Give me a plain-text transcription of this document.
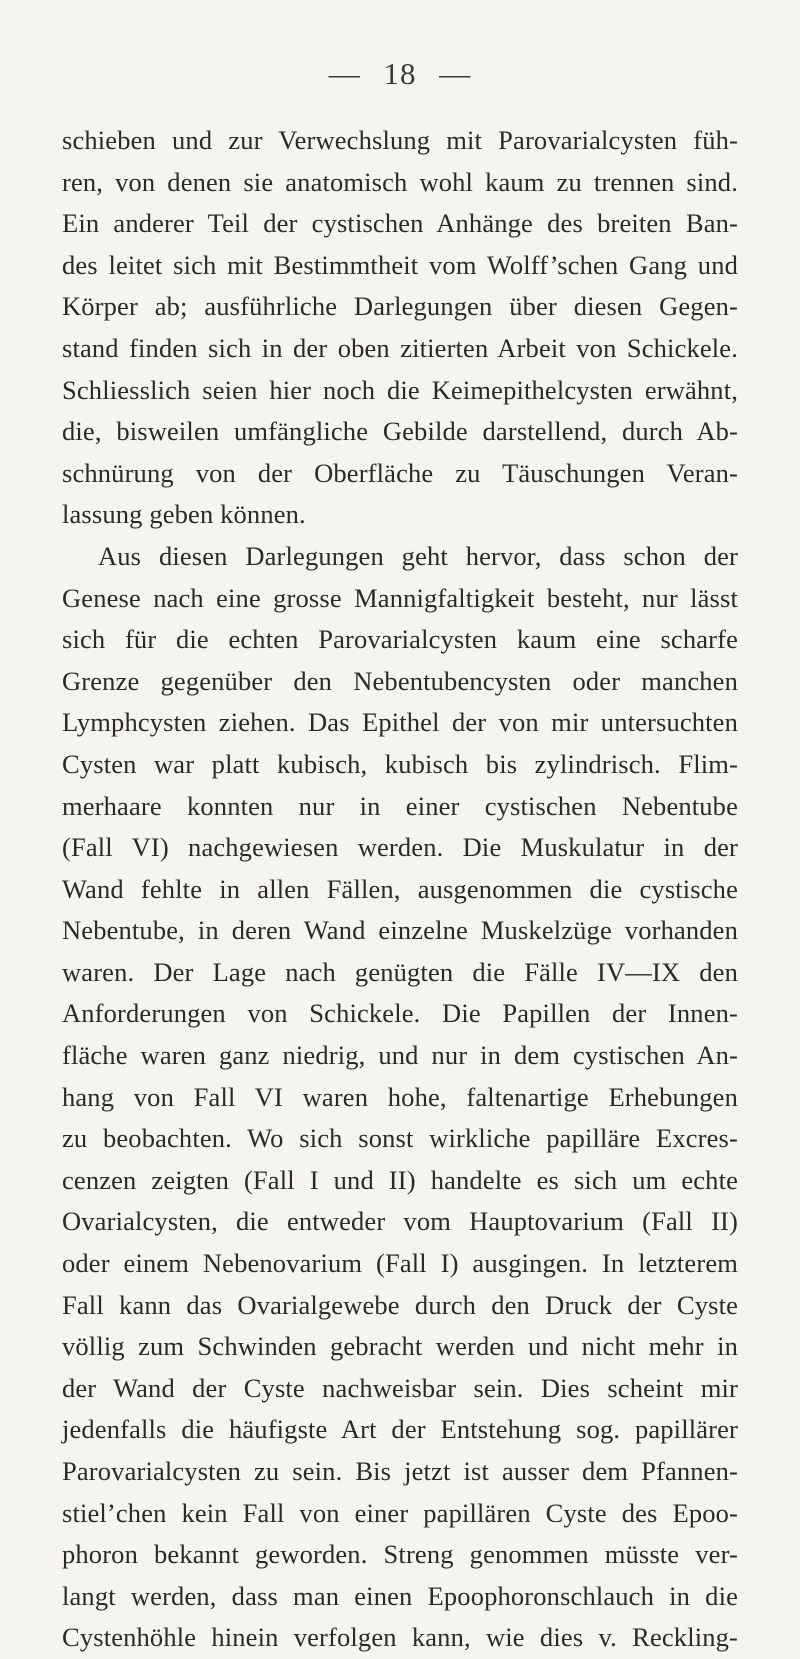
— 18 —
schieben und zur Verwechslung mit Parovarialcysten füh-
ren, von denen sie anatomisch wohl kaum zu trennen sind.
Ein anderer Teil der cystischen Anhänge des breiten Ban-
des leitet sich mit Bestimmtheit vom Wolff’schen Gang und
Körper ab; ausführliche Darlegungen über diesen Gegen-
stand finden sich in der oben zitierten Arbeit von Schickele.
Schliesslich seien hier noch die Keimepithelcysten erwähnt,
die, bisweilen umfängliche Gebilde darstellend, durch Ab-
schnürung von der Oberfläche zu Täuschungen Veran-
lassung geben können.
Aus diesen Darlegungen geht hervor, dass schon der
Genese nach eine grosse Mannigfaltigkeit besteht, nur lässt
sich für die echten Parovarialcysten kaum eine scharfe
Grenze gegenüber den Nebentubencysten oder manchen
Lymphcysten ziehen. Das Epithel der von mir untersuchten
Cysten war platt kubisch, kubisch bis zylindrisch. Flim-
merhaare konnten nur in einer cystischen Nebentube
(Fall VI) nachgewiesen werden. Die Muskulatur in der
Wand fehlte in allen Fällen, ausgenommen die cystische
Nebentube, in deren Wand einzelne Muskelzüge vorhanden
waren. Der Lage nach genügten die Fälle IV—IX den
Anforderungen von Schickele. Die Papillen der Innen-
fläche waren ganz niedrig, und nur in dem cystischen An-
hang von Fall VI waren hohe, faltenartige Erhebungen
zu beobachten. Wo sich sonst wirkliche papilläre Excres-
cenzen zeigten (Fall I und II) handelte es sich um echte
Ovarialcysten, die entweder vom Hauptovarium (Fall II)
oder einem Nebenovarium (Fall I) ausgingen. In letzterem
Fall kann das Ovarialgewebe durch den Druck der Cyste
völlig zum Schwinden gebracht werden und nicht mehr in
der Wand der Cyste nachweisbar sein. Dies scheint mir
jedenfalls die häufigste Art der Entstehung sog. papillärer
Parovarialcysten zu sein. Bis jetzt ist ausser dem Pfannen-
stiel’chen kein Fall von einer papillären Cyste des Epoo-
phoron bekannt geworden. Streng genommen müsste ver-
langt werden, dass man einen Epoophoronschlauch in die
Cystenhöhle hinein verfolgen kann, wie dies v. Reckling-
